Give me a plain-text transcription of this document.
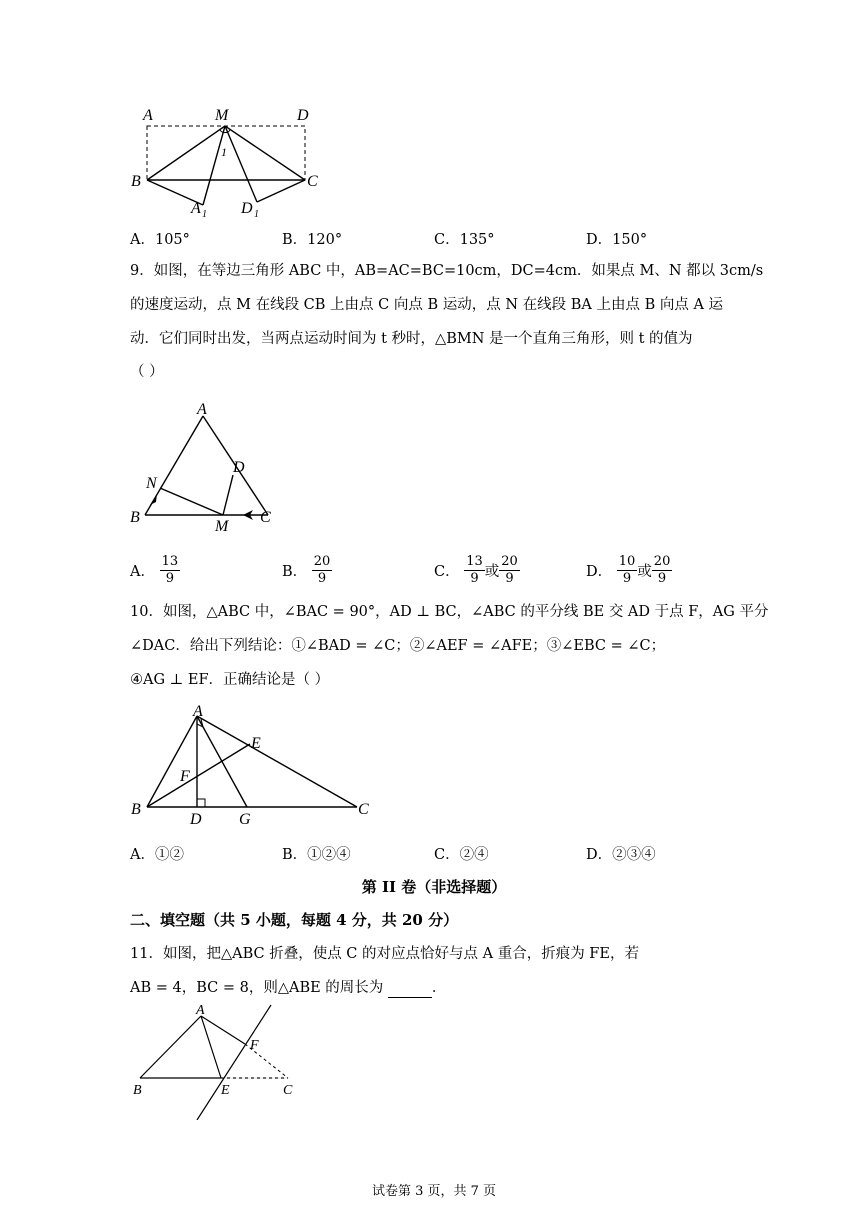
A	M	D
B	C
A
1
D
1	1
A．105°	B．120°	C．135°	D．150°
9．如图，在等边三角形 ABC 中，AB=AC=BC=10cm，DC=4cm．如果点 M、N 都以 3cm/s
的速度运动，点 M 在线段 CB 上由点 C 向点 B 运动，点 N 在线段 BA 上由点 B 向点 A 运
动．它们同时出发，当两点运动时间为 t 秒时，△BMN 是一个直角三角形，则 t 的值为
（ ）
A
D
N
B
M
C
A． $\frac{13}{9}$	B． $\frac{20}{9}$	C． $\frac{13}{9}$ 或 $\frac{20}{9}$	D． $\frac{10}{9}$ 或 $\frac{20}{9}$
10．如图，△ABC 中，∠BAC = 90°，AD ⊥ BC，∠ABC 的平分线 BE 交 AD 于点 F，AG 平分
∠DAC．给出下列结论：①∠BAD = ∠C；②∠AEF = ∠AFE；③∠EBC = ∠C；
④AG ⊥ EF．正确结论是（ ）
A
E
F
B
D G
C
A．①②	B．①②④	C．②④	D．②③④
第 II 卷（非选择题）
二、填空题（共 5 小题，每题 4 分，共 20 分）
11．如图，把△ABC 折叠，使点 C 的对应点恰好与点 A 重合，折痕为 FE，若
AB = 4，BC = 8，则△ABE 的周长为	．
A
F
B	E	C
试卷第 3 页，共 7 页
